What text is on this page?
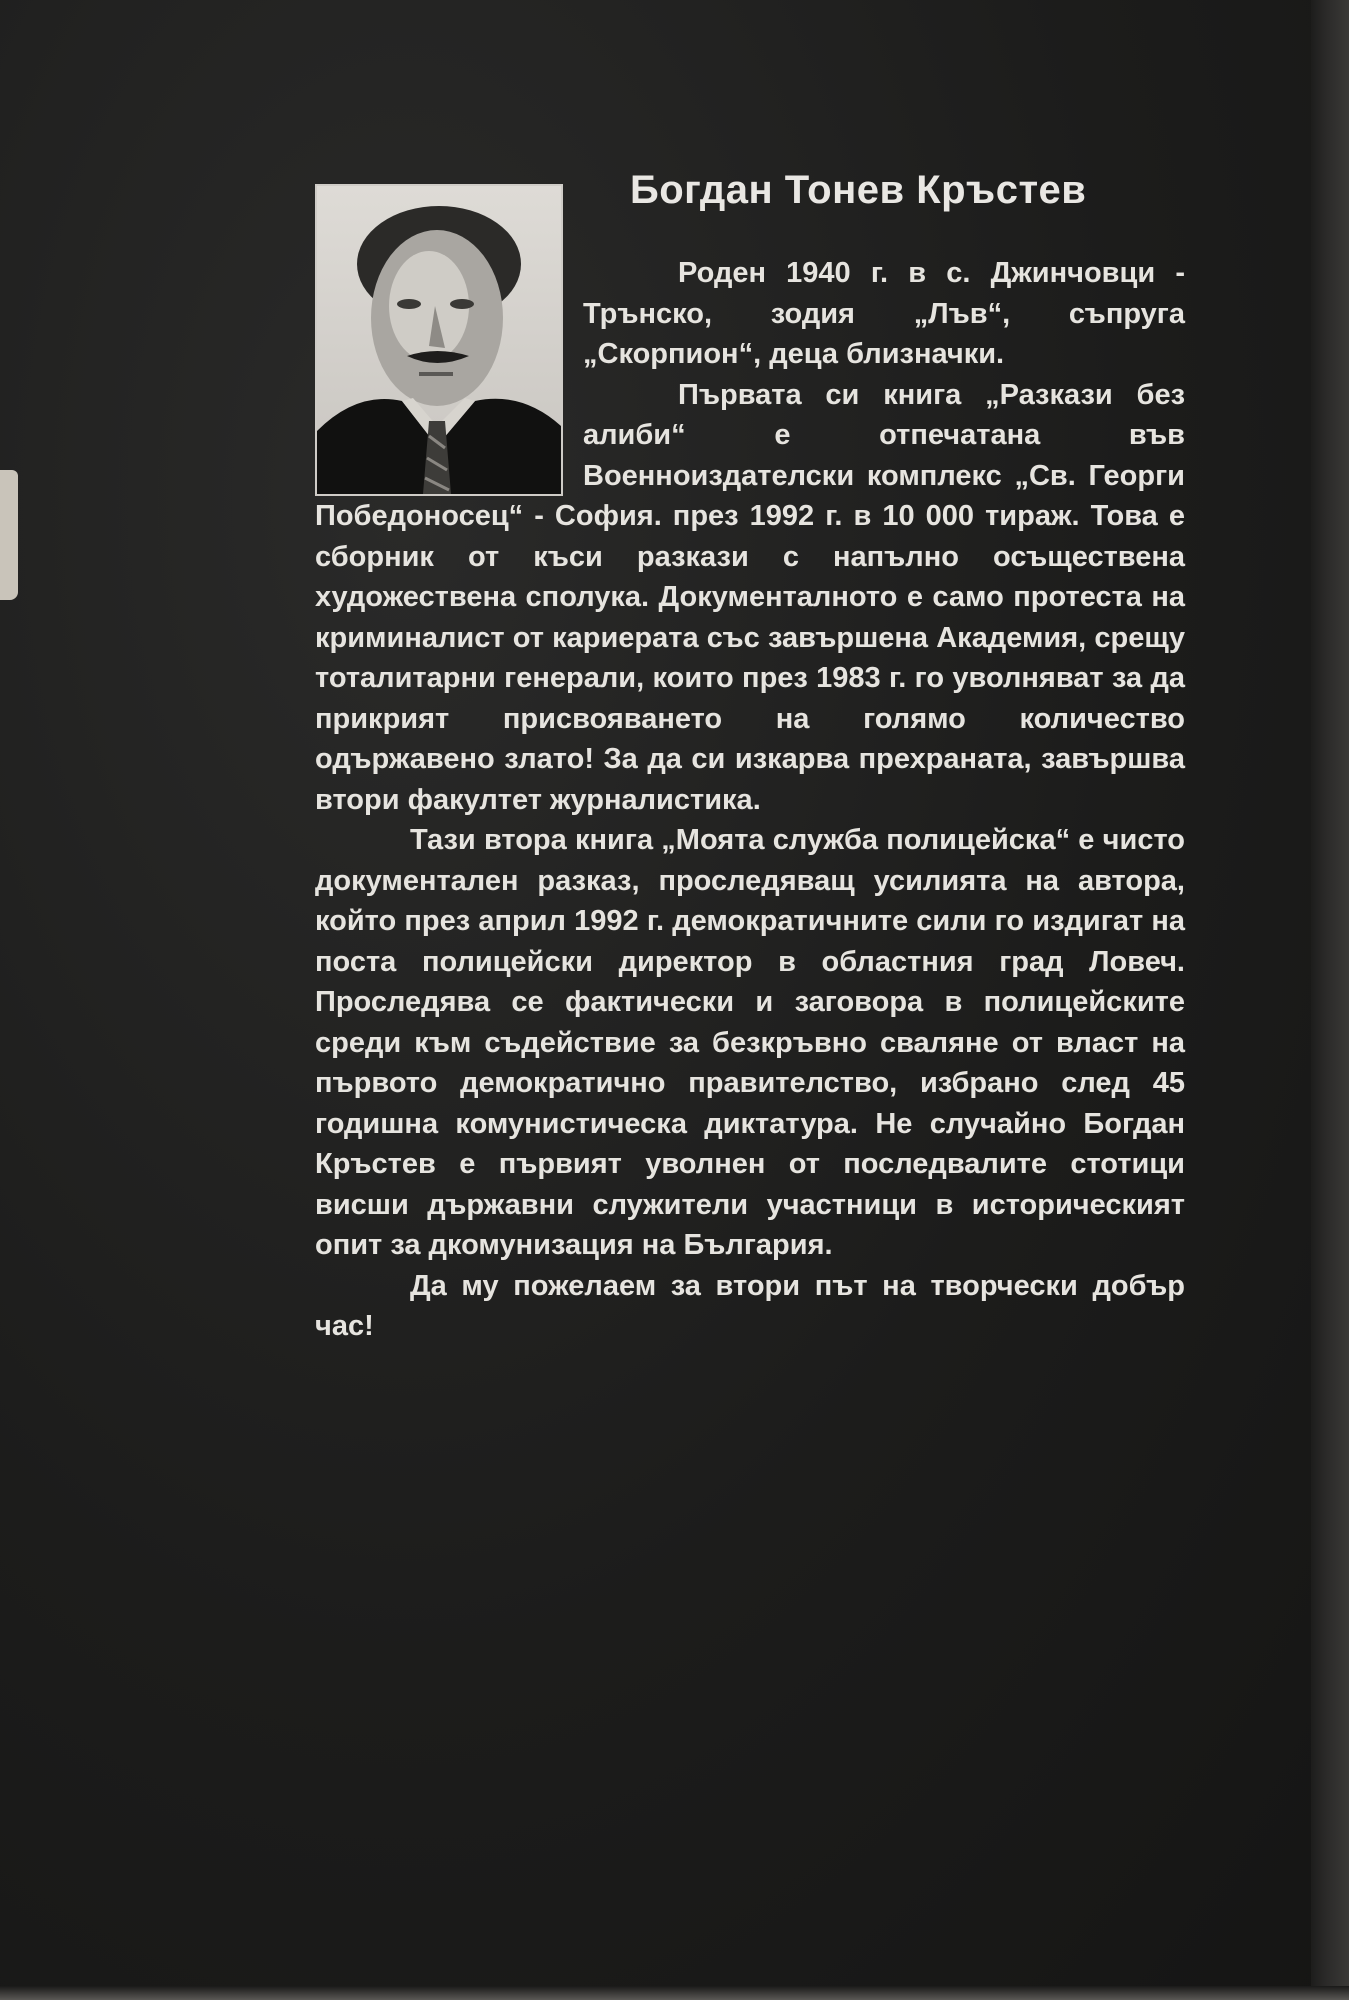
Богдан Тонев Кръстев

Роден 1940 г. в с. Джинчовци - Трънско, зодия „Лъв“, съпруга „Скорпион“, деца близначки.

Първата си книга „Разкази без алиби“ е отпечатана във Военноиздателски комплекс „Св. Георги Победоносец“ - София. през 1992 г. в 10 000 тираж. Това е сборник от къси разкази с напълно осъществена художествена сполука. Документалното е само протеста на криминалист от кариерата със завършена Академия, срещу тоталитарни генерали, които през 1983 г. го уволняват за да прикрият присвояването на голямо количество одържавено злато! За да си изкарва прехраната, завършва втори факултет журналистика.

Тази втора книга „Моята служба полицейска“ е чисто документален разказ, проследяващ усилията на автора, който през април 1992 г. демократичните сили го издигат на поста полицейски директор в областния град Ловеч. Проследява се фактически и заговора в полицейските среди към съдействие за безкръвно сваляне от власт на първото демократично правителство, избрано след 45 годишна комунистическа диктатура. Не случайно Богдан Кръстев е първият уволнен от последвалите стотици висши държавни служители участници в историческият опит за дкомунизация на България.

Да му пожелаем за втори път на творчески добър час!
